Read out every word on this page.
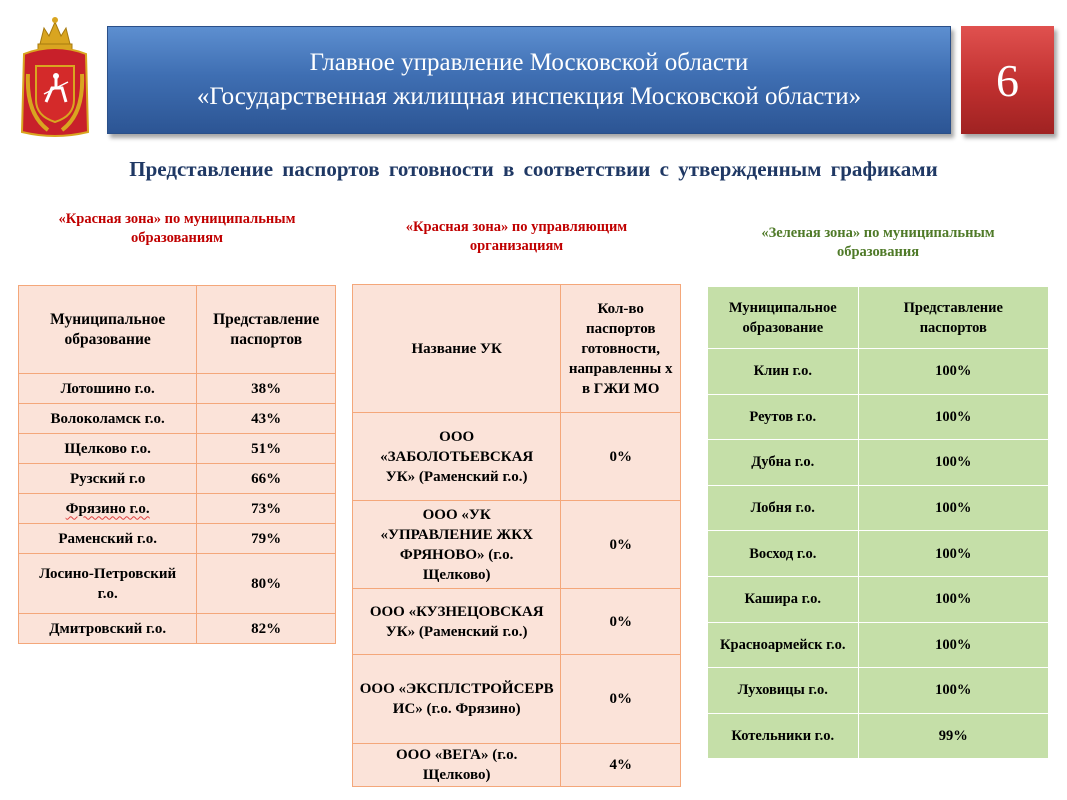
Главное управление Московской области
«Государственная жилищная инспекция Московской области»	6
Представление паспортов готовности в соответствии с утвержденным графиками
«Красная зона» по муниципальным
образованиям
«Красная зона» по управляющим
организациям
«Зеленая зона» по муниципальным
образования
Муниципальное образование	Представление паспортов
Лотошино г.о.	38%
Волоколамск г.о.	43%
Щелково г.о.	51%
Рузский г.о	66%
Фрязино г.о.	73%
Раменский г.о.	79%
Лосино-Петровский г.о.	80%
Дмитровский г.о.	82%
Название УК	Кол-во паспортов готовности, направленны х в ГЖИ МО
ООО «ЗАБОЛОТЬЕВСКАЯ УК» (Раменский г.о.)	0%
ООО «УК «УПРАВЛЕНИЕ ЖКХ ФРЯНОВО» (г.о. Щелково)	0%
ООО «КУЗНЕЦОВСКАЯ УК» (Раменский г.о.)	0%
ООО «ЭКСПЛСТРОЙСЕРВИС» (г.о. Фрязино)	0%
ООО «ВЕГА» (г.о. Щелково)	4%
Муниципальное образование	Представление паспортов
Клин г.о.	100%
Реутов г.о.	100%
Дубна г.о.	100%
Лобня г.о.	100%
Восход г.о.	100%
Кашира г.о.	100%
Красноармейск г.о.	100%
Луховицы г.о.	100%
Котельники г.о.	99%
